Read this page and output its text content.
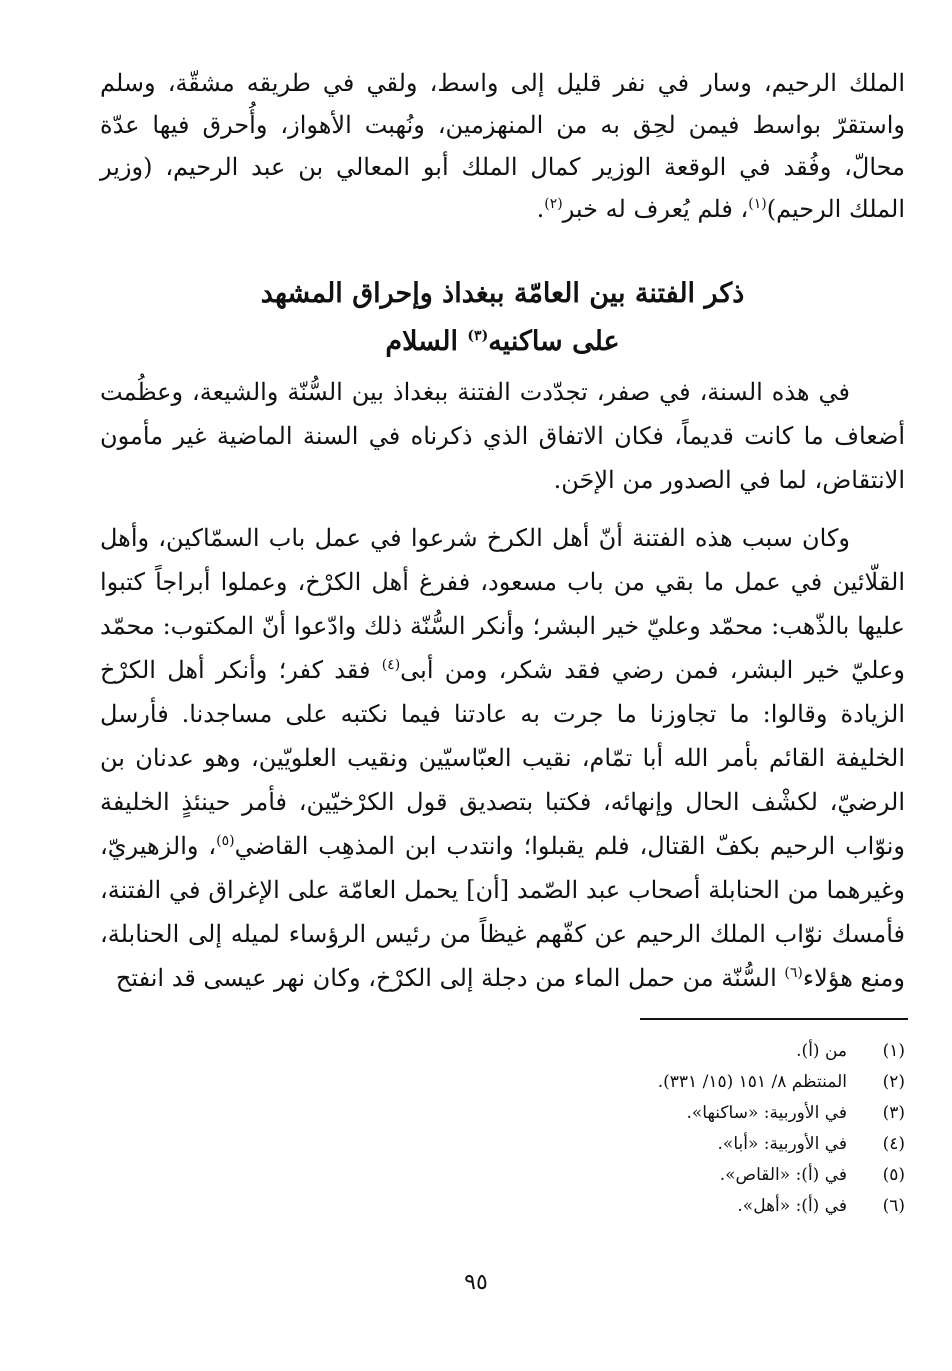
الملك الرحيم، وسار في نفر قليل إلى واسط، ولقي في طريقه مشقّة، وسلم واستقرّ بواسط فيمن لحِق به من المنهزمين، ونُهبت الأهواز، وأُحرق فيها عدّة محالّ، وفُقد في الوقعة الوزير كمال الملك أبو المعالي بن عبد الرحيم، (وزير الملك الرحيم)$^{(١)}$، فلم يُعرف له خبر$^{(٢)}$.
ذكر الفتنة بين العامّة ببغداذ وإحراق المشهد
على ساكنيه$^{(٣)}$ السلام
في هذه السنة، في صفر، تجدّدت الفتنة ببغداذ بين السُّنّة والشيعة، وعظُمت أضعاف ما كانت قديماً، فكان الاتفاق الذي ذكرناه في السنة الماضية غير مأمون الانتقاض، لما في الصدور من الإحَن.
وكان سبب هذه الفتنة أنّ أهل الكرخ شرعوا في عمل باب السمّاكين، وأهل القلّائين في عمل ما بقي من باب مسعود، ففرغ أهل الكرْخ، وعملوا أبراجاً كتبوا عليها بالذّهب: محمّد وعليّ خير البشر؛ وأنكر السُّنّة ذلك وادّعوا أنّ المكتوب: محمّد وعليّ خير البشر، فمن رضي فقد شكر، ومن أبى$^{(٤)}$ فقد كفر؛ وأنكر أهل الكرْخ الزيادة وقالوا: ما تجاوزنا ما جرت به عادتنا فيما نكتبه على مساجدنا. فأرسل الخليفة القائم بأمر الله أبا تمّام، نقيب العبّاسيّين ونقيب العلويّين، وهو عدنان بن الرضيّ، لكشْف الحال وإنهائه، فكتبا بتصديق قول الكرْخيّين، فأمر حينئذٍ الخليفة ونوّاب الرحيم بكفّ القتال، فلم يقبلوا؛ وانتدب ابن المذهِب القاضي$^{(٥)}$، والزهيريّ، وغيرهما من الحنابلة أصحاب عبد الصّمد [أن] يحمل العامّة على الإغراق في الفتنة، فأمسك نوّاب الملك الرحيم عن كفّهم غيظاً من رئيس الرؤساء لميله إلى الحنابلة، ومنع هؤلاء$^{(٦)}$ السُّنّة من حمل الماء من دجلة إلى الكرْخ، وكان نهر عيسى قد انفتح
(١)
من (أ).
(٢)
المنتظم ٨/ ١٥١ (١٥/ ٣٣١).
(٣)
في الأوربية: «ساكنها».
(٤)
في الأوربية: «أبا».
(٥)
في (أ): «القاص».
(٦)
في (أ): «أهل».
٩٥
